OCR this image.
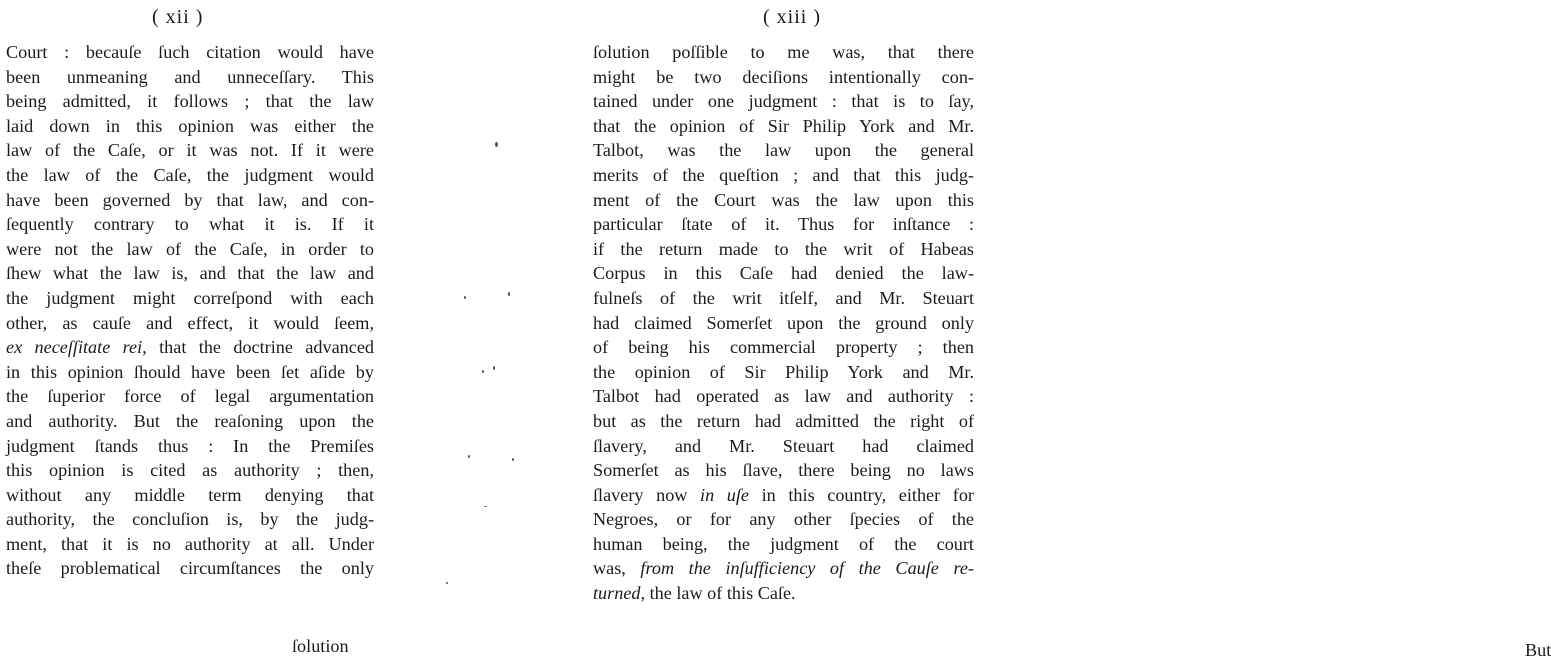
( xii )
Court : becauſe ſuch citation would have
been unmeaning and unneceſſary. This
being admitted, it follows ; that the law
laid down in this opinion was either the
law of the Caſe, or it was not. If it were
the law of the Caſe, the judgment would
have been governed by that law, and con-
ſequently contrary to what it is. If it
were not the law of the Caſe, in order to
ſhew what the law is, and that the law and
the judgment might correſpond with each
other, as cauſe and effect, it would ſeem,
ex neceſſitate rei, that the doctrine advanced
in this opinion ſhould have been ſet aſide by
the ſuperior force of legal argumentation
and authority. But the reaſoning upon the
judgment ſtands thus : In the Premiſes
this opinion is cited as authority ; then,
without any middle term denying that
authority, the concluſion is, by the judg-
ment, that it is no authority at all. Under
theſe problematical circumſtances the only
ſolution
( xiii )
ſolution poſſible to me was, that there
might be two deciſions intentionally con-
tained under one judgment : that is to ſay,
that the opinion of Sir Philip York and Mr.
Talbot, was the law upon the general
merits of the queſtion ; and that this judg-
ment of the Court was the law upon this
particular ſtate of it. Thus for inſtance :
if the return made to the writ of Habeas
Corpus in this Caſe had denied the law-
fulneſs of the writ itſelf, and Mr. Steuart
had claimed Somerſet upon the ground only
of being his commercial property ; then
the opinion of Sir Philip York and Mr.
Talbot had operated as law and authority :
but as the return had admitted the right of
ſlavery, and Mr. Steuart had claimed
Somerſet as his ſlave, there being no laws
ſlavery now in uſe in this country, either for
Negroes, or for any other ſpecies of the
human being, the judgment of the court
was, from the inſufficiency of the Cauſe re-
turned, the law of this Caſe.
But
